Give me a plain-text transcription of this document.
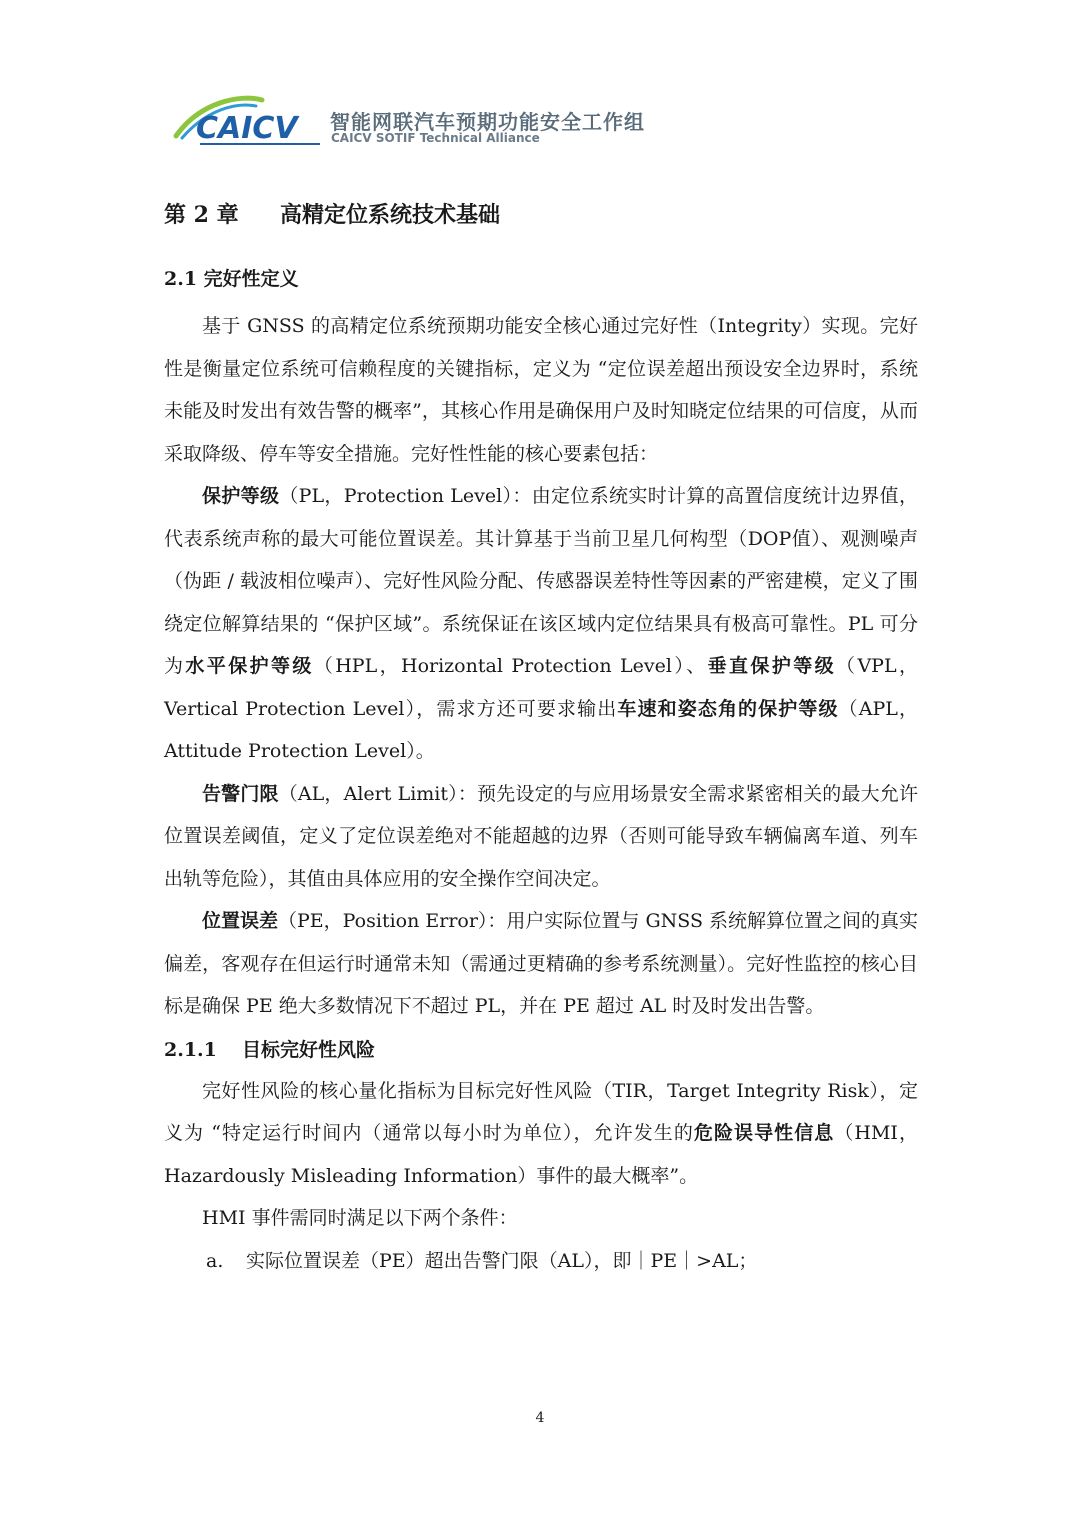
CAICV 智能网联汽车预期功能安全工作组
CAICV SOTIF Technical Alliance
第 2 章 高精定位系统技术基础
2.1 完好性定义

基于 GNSS 的高精定位系统预期功能安全核心通过完好性（Integrity）实现。完好性是衡量定位系统可信赖程度的关键指标，定义为 “定位误差超出预设安全边界时，系统未能及时发出有效告警的概率”，其核心作用是确保用户及时知晓定位结果的可信度，从而采取降级、停车等安全措施。完好性性能的核心要素包括：

保护等级（PL，Protection Level）：由定位系统实时计算的高置信度统计边界值，代表系统声称的最大可能位置误差。其计算基于当前卫星几何构型（DOP值）、观测噪声（伪距 / 载波相位噪声）、完好性风险分配、传感器误差特性等因素的严密建模，定义了围绕定位解算结果的 “保护区域”。系统保证在该区域内定位结果具有极高可靠性。PL 可分为水平保护等级（HPL，Horizontal Protection Level）、垂直保护等级（VPL，Vertical Protection Level），需求方还可要求输出车速和姿态角的保护等级（APL，Attitude Protection Level）。

告警门限（AL，Alert Limit）：预先设定的与应用场景安全需求紧密相关的最大允许位置误差阈值，定义了定位误差绝对不能超越的边界（否则可能导致车辆偏离车道、列车出轨等危险），其值由具体应用的安全操作空间决定。

位置误差（PE，Position Error）：用户实际位置与 GNSS 系统解算位置之间的真实偏差，客观存在但运行时通常未知（需通过更精确的参考系统测量）。完好性监控的核心目标是确保 PE 绝大多数情况下不超过 PL，并在 PE 超过 AL 时及时发出告警。

2.1.1 目标完好性风险

完好性风险的核心量化指标为目标完好性风险（TIR，Target Integrity Risk），定义为 “特定运行时间内（通常以每小时为单位），允许发生的危险误导性信息（HMI，Hazardously Misleading Information）事件的最大概率”。

HMI 事件需同时满足以下两个条件：

a. 实际位置误差（PE）超出告警门限（AL），即｜PE｜>AL；

4
